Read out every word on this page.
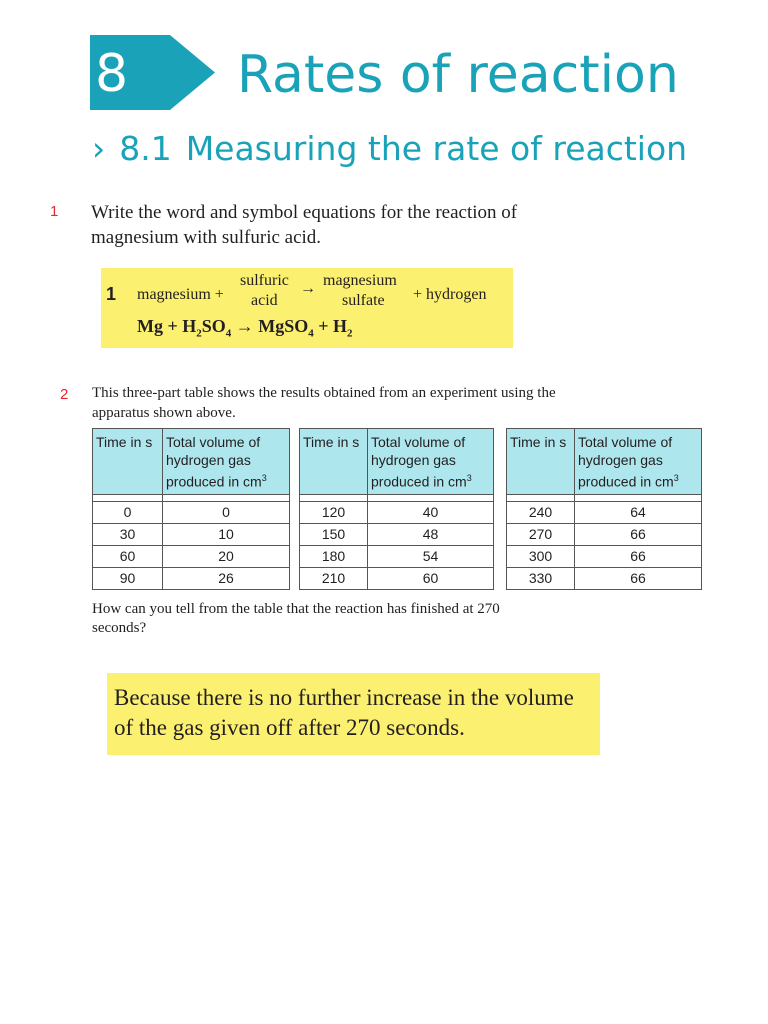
8	Rates of reaction
› 8.1 Measuring the rate of reaction
1 Write the word and symbol equations for the reaction of magnesium with sulfuric acid.
1 magnesium +
sulfuric
acid
→ magnesium
sulfate + hydrogen
$Mg + H_2SO_4$ → MgSO$_4$ + $H_2$
2 This three-part table shows the results obtained from an experiment using the apparatus shown above.
Time in s	Total volume of hydrogen gas produced in $cm^3$

0	0
30	10
60	20
90	26
Time in s	Total volume of hydrogen gas produced in $cm^3$

120	40
150	48
180	54
210	60
Time in s	Total volume of hydrogen gas produced in $cm^3$

240	64
270	66
300	66
330	66
How can you tell from the table that the reaction has finished at 270 seconds?
Because there is no further increase in the volume of the gas given off after 270 seconds.
